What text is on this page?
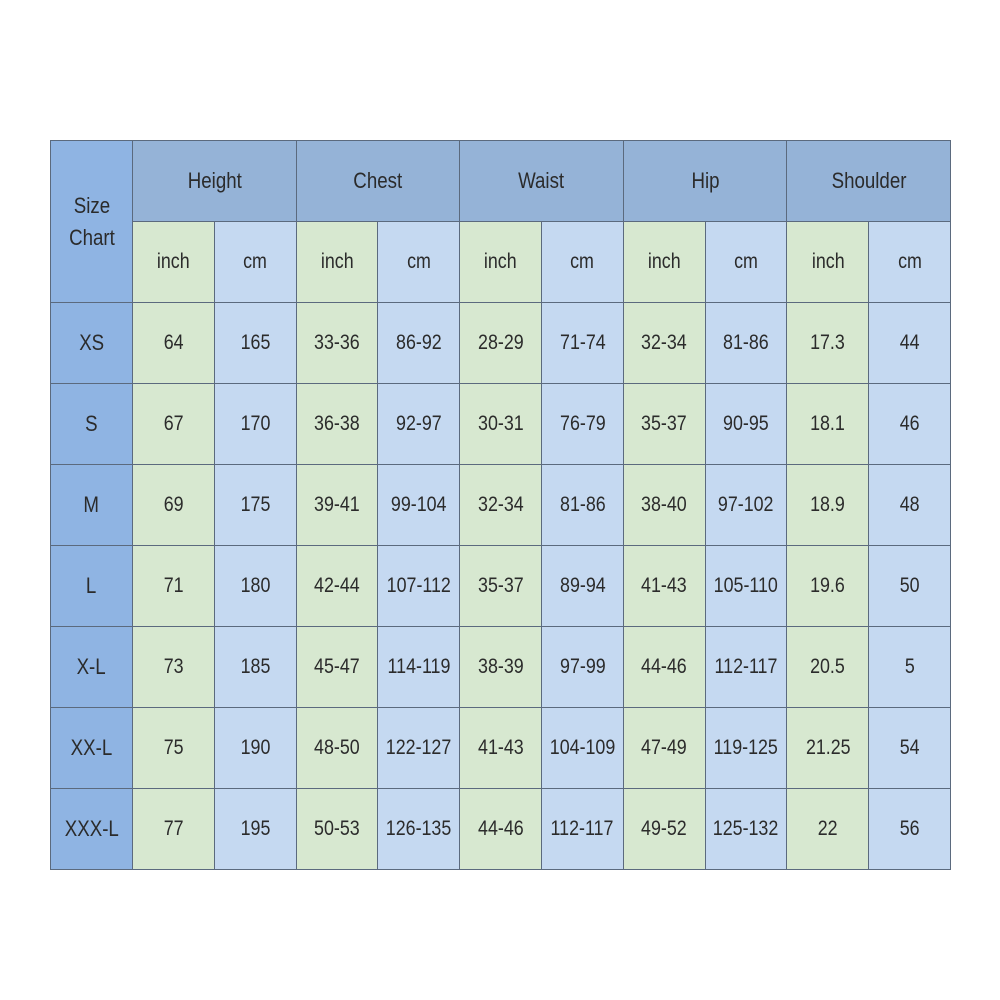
Size
Chart	Height		Chest		Waist		Hip		Shoulder	
	inch	cm	inch	cm	inch	cm	inch	cm	inch	cm
XS	64	165	33-36	86-92	28-29	71-74	32-34	81-86	17.3	44
S	67	170	36-38	92-97	30-31	76-79	35-37	90-95	18.1	46
M	69	175	39-41	99-104	32-34	81-86	38-40	97-102	18.9	48
L	71	180	42-44	107-112	35-37	89-94	41-43	105-110	19.6	50
X-L	73	185	45-47	114-119	38-39	97-99	44-46	112-117	20.5	5
XX-L	75	190	48-50	122-127	41-43	104-109	47-49	119-125	21.25	54
XXX-L	77	195	50-53	126-135	44-46	112-117	49-52	125-132	22	56
